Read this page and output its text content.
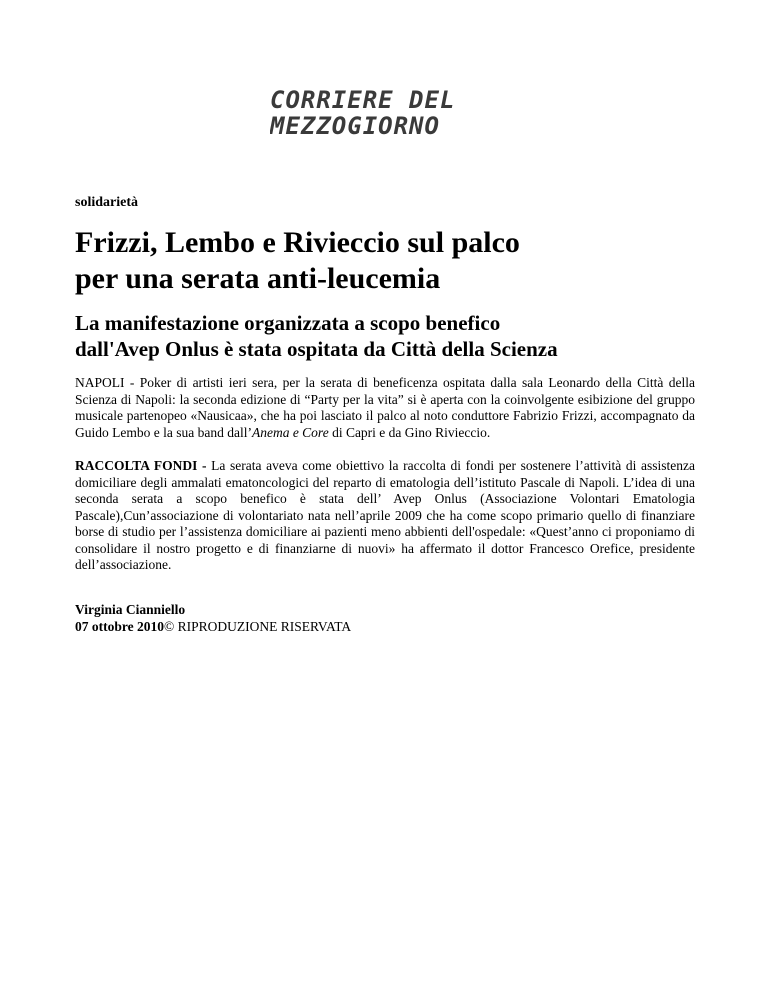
CORRIERE DEL
MEZZOGIORNO
solidarietà
Frizzi, Lembo e Rivieccio sul palco
per una serata anti-leucemia
La manifestazione organizzata a scopo benefico
dall'Avep Onlus è stata ospitata da Città della Scienza

NAPOLI - Poker di artisti ieri sera, per la serata di beneficenza ospitata dalla sala Leonardo della Città della Scienza di Napoli: la seconda edizione di “Party per la vita” si è aperta con la coinvolgente esibizione del gruppo musicale partenopeo «Nausicaa», che ha poi lasciato il palco al noto conduttore Fabrizio Frizzi, accompagnato da Guido Lembo e la sua band dall’Anema e Core di Capri e da Gino Rivieccio.

RACCOLTA FONDI - La serata aveva come obiettivo la raccolta di fondi per sostenere l’attività di assistenza domiciliare degli ammalati ematoncologici del reparto di ematologia dell’istituto Pascale di Napoli. L’idea di una seconda serata a scopo benefico è stata dell’ Avep Onlus (Associazione Volontari Ematologia Pascale),Cun’associazione di volontariato nata nell’aprile 2009 che ha come scopo primario quello di finanziare borse di studio per l’assistenza domiciliare ai pazienti meno abbienti dell'ospedale: «Quest’anno ci proponiamo di consolidare il nostro progetto e di finanziarne di nuovi» ha affermato il dottor Francesco Orefice, presidente dell’associazione.

Virginia Cianniello
07 ottobre 2010© RIPRODUZIONE RISERVATA
